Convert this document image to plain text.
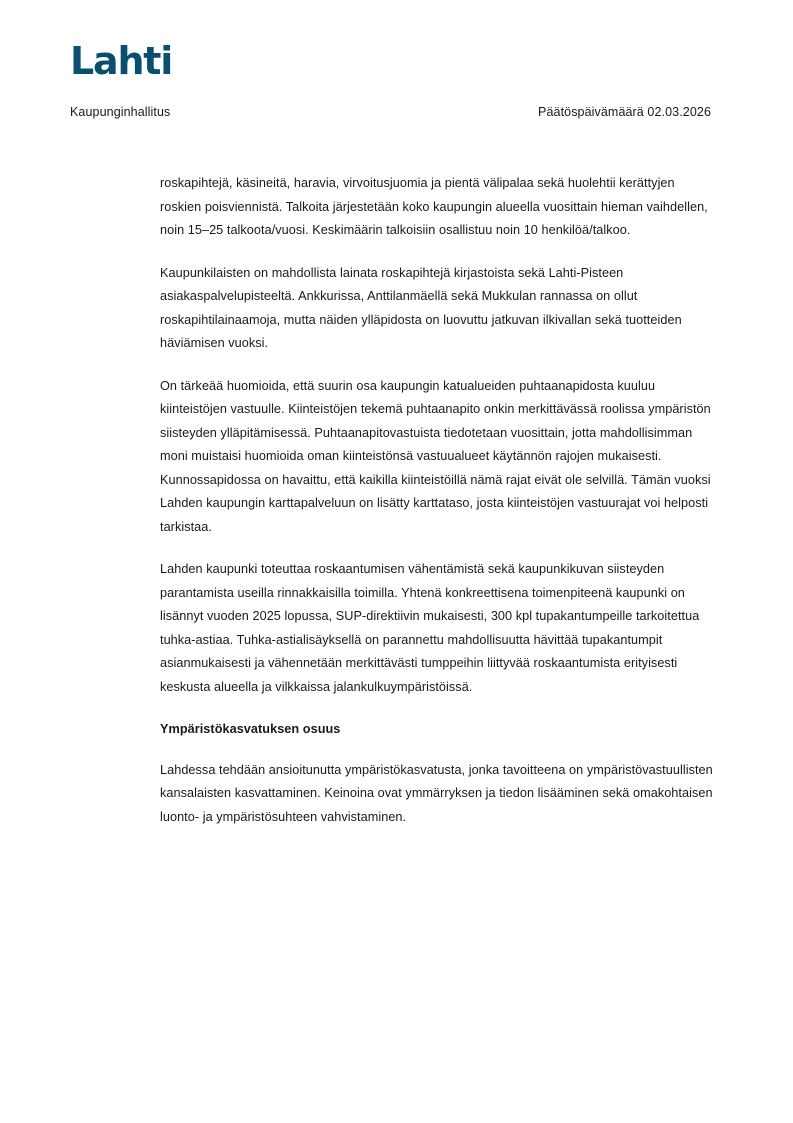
Lahti
Kaupunginhallitus	Päätöspäivämäärä 02.03.2026

roskapihtejä, käsineitä, haravia, virvoitusjuomia ja pientä välipalaa sekä huolehtii kerättyjen roskien poisviennistä. Talkoita järjestetään koko kaupungin alueella vuosittain hieman vaihdellen, noin 15–25 talkoota/vuosi. Keskimäärin talkoisiin osallistuu noin 10 henkilöä/talkoo.

Kaupunkilaisten on mahdollista lainata roskapihtejä kirjastoista sekä Lahti-Pisteen asiakaspalvelupisteeltä. Ankkurissa, Anttilanmäellä sekä Mukkulan rannassa on ollut roskapihtilainaamoja, mutta näiden ylläpidosta on luovuttu jatkuvan ilkivallan sekä tuotteiden häviämisen vuoksi.

On tärkeää huomioida, että suurin osa kaupungin katualueiden puhtaanapidosta kuuluu kiinteistöjen vastuulle. Kiinteistöjen tekemä puhtaanapito onkin merkittävässä roolissa ympäristön siisteyden ylläpitämisessä. Puhtaanapitovastuista tiedotetaan vuosittain, jotta mahdollisimman moni muistaisi huomioida oman kiinteistönsä vastuualueet käytännön rajojen mukaisesti. Kunnossapidossa on havaittu, että kaikilla kiinteistöillä nämä rajat eivät ole selvillä. Tämän vuoksi Lahden kaupungin karttapalveluun on lisätty karttataso, josta kiinteistöjen vastuurajat voi helposti tarkistaa.

Lahden kaupunki toteuttaa roskaantumisen vähentämistä sekä kaupunkikuvan siisteyden parantamista useilla rinnakkaisilla toimilla. Yhtenä konkreettisena toimenpiteenä kaupunki on lisännyt vuoden 2025 lopussa, SUP-direktiivin mukaisesti, 300 kpl tupakantumpeille tarkoitettua tuhka-astiaa. Tuhka-astialisäyksellä on parannettu mahdollisuutta hävittää tupakantumpit asianmukaisesti ja vähennetään merkittävästi tumppeihin liittyvää roskaantumista erityisesti keskusta alueella ja vilkkaissa jalankulkuympäristöissä.

Ympäristökasvatuksen osuus

Lahdessa tehdään ansioitunutta ympäristökasvatusta, jonka tavoitteena on ympäristövastuullisten kansalaisten kasvattaminen. Keinoina ovat ymmärryksen ja tiedon lisääminen sekä omakohtaisen luonto- ja ympäristösuhteen vahvistaminen.
